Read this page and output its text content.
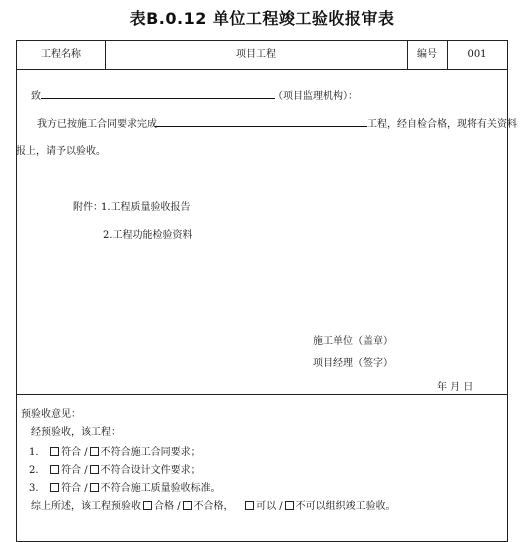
表B.0.12 单位工程竣工验收报审表
工程名称	项目工程	编号	001
致	（项目监理机构）：
我方已按施工合同要求完成	工程，经自检合格，现将有关资料
报上，请予以验收。
附件：
1.工程质量验收报告
2.工程功能检验资料
施工单位（盖章）
项目经理（签字）
年 月 日
预验收意见：
经预验收，该工程：
1. 符合 / 不符合施工合同要求；
2. 符合 / 不符合设计文件要求；
3. 符合 / 不符合施工质量验收标准。
综上所述，该工程预验收 合格 / 不合格， 可以 / 不可以组织竣工验收。
